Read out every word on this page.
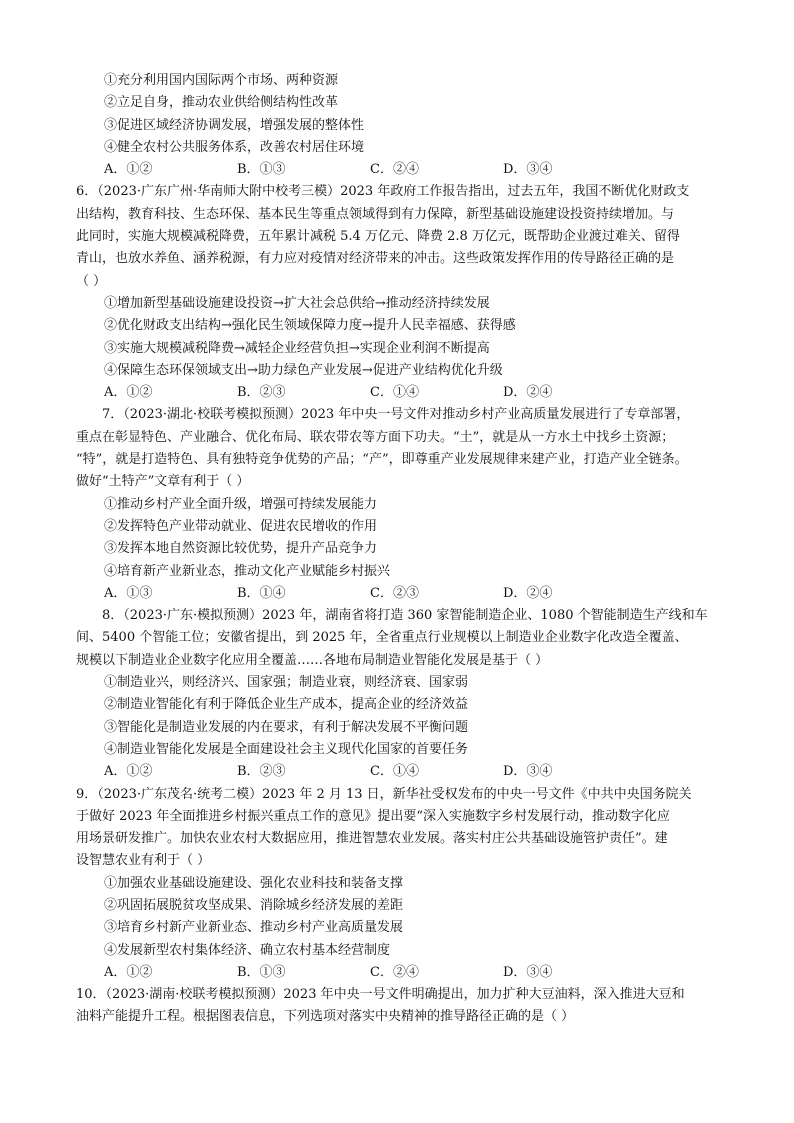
①充分利用国内国际两个市场、两种资源
②立足自身，推动农业供给侧结构性改革
③促进区域经济协调发展，增强发展的整体性
④健全农村公共服务体系，改善农村居住环境
A．①②	B．①③	C．②④	D．③④
6．（2023·广东广州·华南师大附中校考三模）2023 年政府工作报告指出，过去五年，我国不断优化财政支
出结构，教育科技、生态环保、基本民生等重点领域得到有力保障，新型基础设施建设投资持续增加。与
此同时，实施大规模减税降费，五年累计减税 5.4 万亿元、降费 2.8 万亿元，既帮助企业渡过难关、留得
青山，也放水养鱼、涵养税源，有力应对疫情对经济带来的冲击。这些政策发挥作用的传导路径正确的是
（ ）
①增加新型基础设施建设投资→扩大社会总供给→推动经济持续发展
②优化财政支出结构→强化民生领域保障力度→提升人民幸福感、获得感
③实施大规模减税降费→减轻企业经营负担→实现企业利润不断提高
④保障生态环保领域支出→助力绿色产业发展→促进产业结构优化升级
A．①②	B．②③	C．①④	D．②④
7．（2023·湖北·校联考模拟预测）2023 年中央一号文件对推动乡村产业高质量发展进行了专章部署，
重点在彰显特色、产业融合、优化布局、联农带农等方面下功夫。“土”，就是从一方水土中找乡土资源；
“特”，就是打造特色、具有独特竞争优势的产品；“产”，即尊重产业发展规律来建产业，打造产业全链条。
做好“土特产”文章有利于（ ）
①推动乡村产业全面升级，增强可持续发展能力
②发挥特色产业带动就业、促进农民增收的作用
③发挥本地自然资源比较优势，提升产品竞争力
④培育新产业新业态，推动文化产业赋能乡村振兴
A．①③	B．①④	C．②③	D．②④
8．（2023·广东·模拟预测）2023 年，湖南省将打造 360 家智能制造企业、1080 个智能制造生产线和车
间、5400 个智能工位；安徽省提出，到 2025 年，全省重点行业规模以上制造业企业数字化改造全覆盖、
规模以下制造业企业数字化应用全覆盖……各地布局制造业智能化发展是基于（ ）
①制造业兴，则经济兴、国家强；制造业衰，则经济衰、国家弱
②制造业智能化有利于降低企业生产成本，提高企业的经济效益
③智能化是制造业发展的内在要求，有利于解决发展不平衡问题
④制造业智能化发展是全面建设社会主义现代化国家的首要任务
A．①②	B．②③	C．①④	D．③④
9．（2023·广东茂名·统考二模）2023 年 2 月 13 日，新华社受权发布的中央一号文件《中共中央国务院关
于做好 2023 年全面推进乡村振兴重点工作的意见》提出要“深入实施数字乡村发展行动，推动数字化应
用场景研发推广。加快农业农村大数据应用，推进智慧农业发展。落实村庄公共基础设施管护责任”。建
设智慧农业有利于（ ）
①加强农业基础设施建设、强化农业科技和装备支撑
②巩固拓展脱贫攻坚成果、消除城乡经济发展的差距
③培育乡村新产业新业态、推动乡村产业高质量发展
④发展新型农村集体经济、确立农村基本经营制度
A．①②	B．①③	C．②④	D．③④
10．（2023·湖南·校联考模拟预测）2023 年中央一号文件明确提出，加力扩种大豆油料，深入推进大豆和
油料产能提升工程。根据图表信息，下列选项对落实中央精神的推导路径正确的是（ ）
